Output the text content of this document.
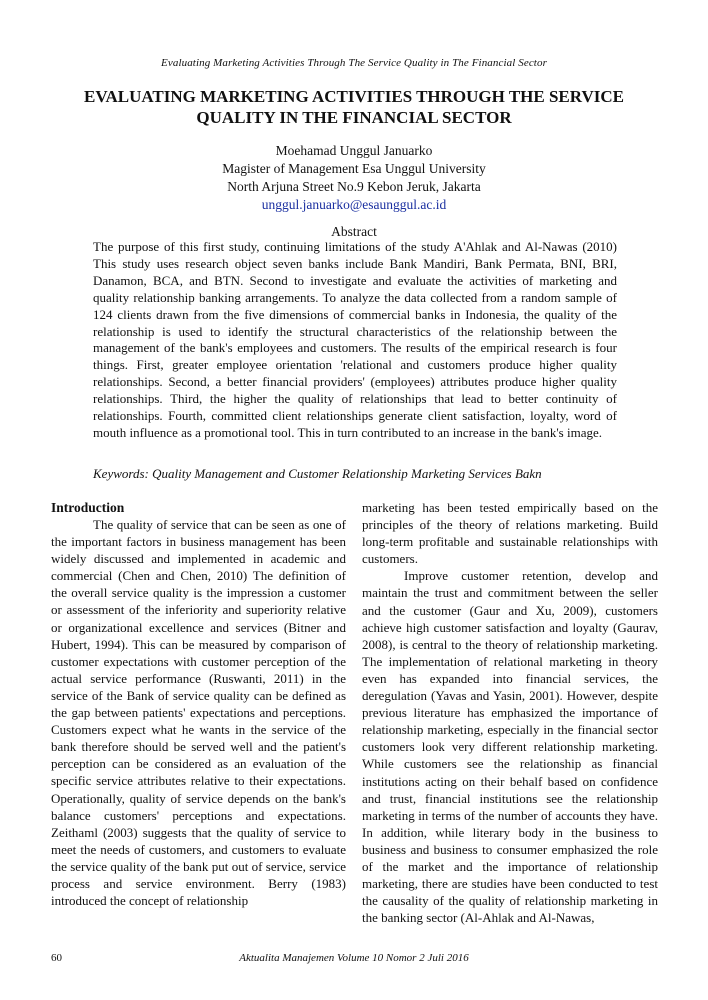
Evaluating Marketing Activities Through The Service Quality in The Financial Sector
EVALUATING MARKETING ACTIVITIES THROUGH THE SERVICE
QUALITY IN THE FINANCIAL SECTOR
Moehamad Unggul Januarko
Magister of Management Esa Unggul University
North Arjuna Street No.9 Kebon Jeruk, Jakarta
unggul.januarko@esaunggul.ac.id
Abstract

The purpose of this first study, continuing limitations of the study A'Ahlak and Al-Nawas (2010) This study uses research object seven banks include Bank Mandiri, Bank Permata, BNI, BRI, Danamon, BCA, and BTN. Second to investigate and evaluate the activities of marketing and quality relationship banking arrangements. To analyze the data collected from a random sample of 124 clients drawn from the five dimensions of commercial banks in Indonesia, the quality of the relationship is used to identify the structural characteristics of the relationship between the management of the bank's employees and customers. The results of the empirical research is four things. First, greater employee orientation 'relational and customers produce higher quality relationships. Second, a better financial providers' (employees) attributes produce higher quality relationships. Third, the higher the quality of relationships that lead to better continuity of relationships. Fourth, committed client relationships generate client satisfaction, loyalty, word of mouth influence as a promotional tool. This in turn contributed to an increase in the bank's image.

Keywords: Quality Management and Customer Relationship Marketing Services Bakn

Introduction

The quality of service that can be seen as one of the important factors in business management has been widely discussed and implemented in academic and commercial (Chen and Chen, 2010) The definition of the overall service quality is the impression a customer or assessment of the inferiority and superiority relative or organizational excellence and services (Bitner and Hubert, 1994). This can be measured by comparison of customer expectations with customer perception of the actual service performance (Ruswanti, 2011) in the service of the Bank of service quality can be defined as the gap between patients' expectations and perceptions. Customers expect what he wants in the service of the bank therefore should be served well and the patient's perception can be considered as an evaluation of the specific service attributes relative to their expectations. Operationally, quality of service depends on the bank's balance customers' perceptions and expectations. Zeithaml (2003) suggests that the quality of service to meet the needs of customers, and customers to evaluate the service quality of the bank put out of service, service process and service environment. Berry (1983) introduced the concept of relationship

marketing has been tested empirically based on the principles of the theory of relations marketing. Build long-term profitable and sustainable relationships with customers.

Improve customer retention, develop and maintain the trust and commitment between the seller and the customer (Gaur and Xu, 2009), customers achieve high customer satisfaction and loyalty (Gaurav, 2008), is central to the theory of relationship marketing. The implementation of relational marketing in theory even has expanded into financial services, the deregulation (Yavas and Yasin, 2001). However, despite previous literature has emphasized the importance of relationship marketing, especially in the financial sector customers look very different relationship marketing. While customers see the relationship as financial institutions acting on their behalf based on confidence and trust, financial institutions see the relationship marketing in terms of the number of accounts they have. In addition, while literary body in the business to business and business to consumer emphasized the role of the market and the importance of relationship marketing, there are studies have been conducted to test the causality of the quality of relationship marketing in the banking sector (Al-Ahlak and Al-Nawas,

60	Aktualita Manajemen Volume 10 Nomor 2 Juli 2016
